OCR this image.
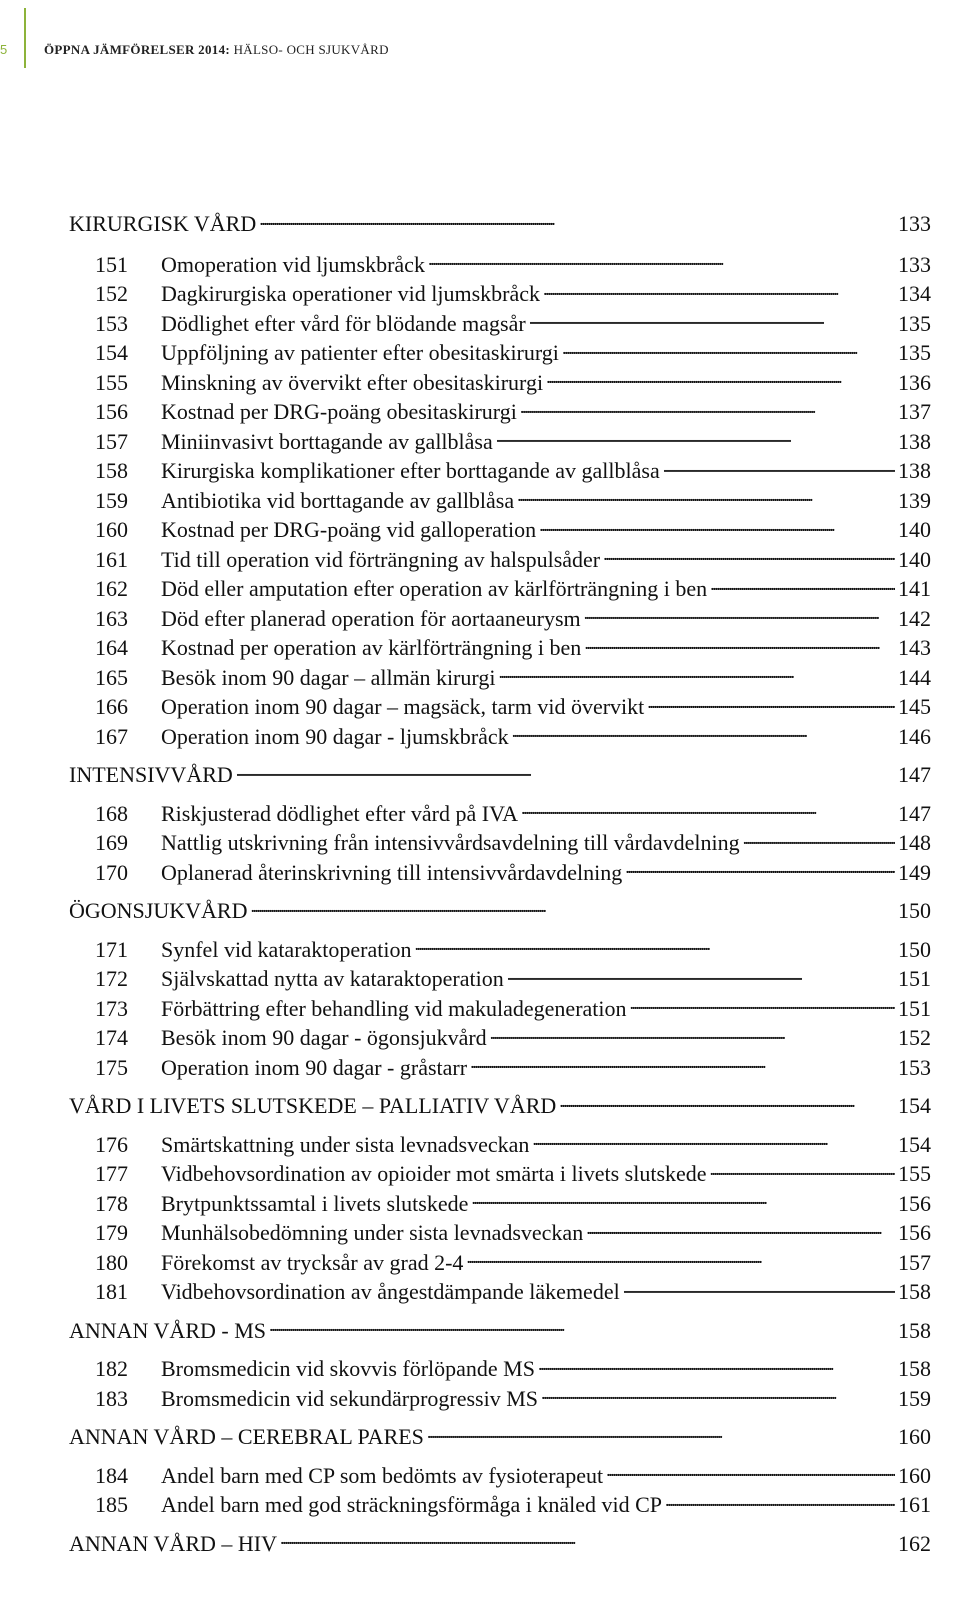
5	ÖPPNA JÄMFÖRELSER 2014: HÄLSO- OCH SJUKVÅRD
KIRURGISK VÅRD . . .	133
151	Omoperation vid ljumskbråck . . .	133
152	Dagkirurgiska operationer vid ljumskbråck . . .	134
153	Dödlighet efter vård för blödande magsår . . .	135
154	Uppföljning av patienter efter obesitaskirurgi . . .	135
155	Minskning av övervikt efter obesitaskirurgi . . .	136
156	Kostnad per DRG-poäng obesitaskirurgi . . .	137
157	Miniinvasivt borttagande av gallblåsa . . .	138
158	Kirurgiska komplikationer efter borttagande av gallblåsa . . .	138
159	Antibiotika vid borttagande av gallblåsa . . .	139
160	Kostnad per DRG-poäng vid galloperation . . .	140
161	Tid till operation vid förträngning av halspulsåder . . .	140
162	Död eller amputation efter operation av kärlförträngning i ben . . .	141
163	Död efter planerad operation för aortaaneurysm . . .	142
164	Kostnad per operation av kärlförträngning i ben . . .	143
165	Besök inom 90 dagar – allmän kirurgi . . .	144
166	Operation inom 90 dagar – magsäck, tarm vid övervikt . . .	145
167	Operation inom 90 dagar - ljumskbråck . . .	146
INTENSIVVÅRD . . .	147
168	Riskjusterad dödlighet efter vård på IVA . . .	147
169	Nattlig utskrivning från intensivvårdsavdelning till vårdavdelning . . .	148
170	Oplanerad återinskrivning till intensivvårdavdelning . . .	149
ÖGONSJUKVÅRD . . .	150
171	Synfel vid kataraktoperation . . .	150
172	Självskattad nytta av kataraktoperation . . .	151
173	Förbättring efter behandling vid makuladegeneration . . .	151
174	Besök inom 90 dagar - ögonsjukvård . . .	152
175	Operation inom 90 dagar - gråstarr . . .	153
VÅRD I LIVETS SLUTSKEDE – PALLIATIV VÅRD . . .	154
176	Smärtskattning under sista levnadsveckan . . .	154
177	Vidbehovsordination av opioider mot smärta i livets slutskede . . .	155
178	Brytpunktssamtal i livets slutskede . . .	156
179	Munhälsobedömning under sista levnadsveckan . . .	156
180	Förekomst av trycksår av grad 2-4 . . .	157
181	Vidbehovsordination av ångestdämpande läkemedel . . .	158
ANNAN VÅRD - MS . . .	158
182	Bromsmedicin vid skovvis förlöpande MS . . .	158
183	Bromsmedicin vid sekundärprogressiv MS . . .	159
ANNAN VÅRD – CEREBRAL PARES . . .	160
184	Andel barn med CP som bedömts av fysioterapeut . . .	160
185	Andel barn med god sträckningsförmåga i knäled vid CP . . .	161
ANNAN VÅRD – HIV . . .	162
